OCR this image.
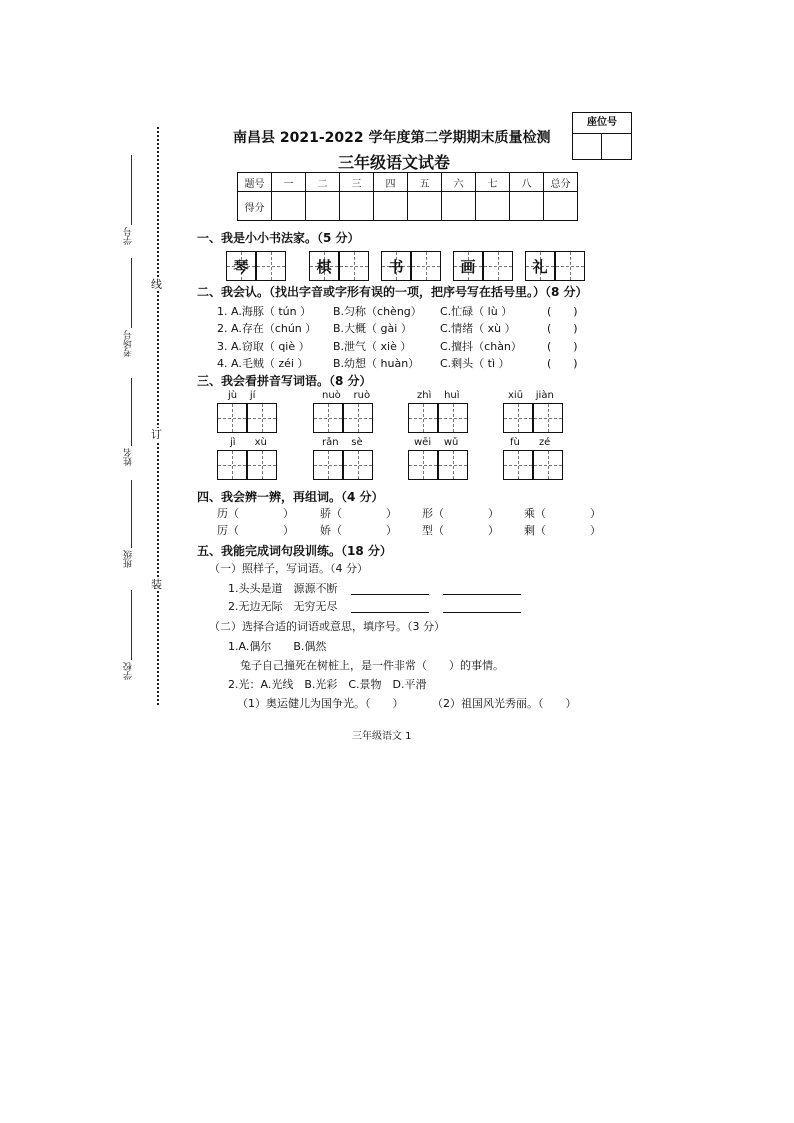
学号
考场号
姓名
班级
学校
线
订
装
南昌县 2021-2022 学年度第二学期期末质量检测
三年级语文试卷
座位号
题号	一	二	三	四	五	六	七	八	总分
得分									
一、我是小小书法家。（5 分）
琴	棋	书	画	礼
二、我会认。（找出字音或字形有误的一项，把序号写在括号里。）（8 分）
1. A.海豚（ tún ） B.匀称（chèng） C.忙碌（ lù ）	(　　)
2. A.存在（chún ） B.大概（ gài ）	C.情绪（ xù ）	(　　)
3. A.窃取（ qiè ） B.泄气（ xiè ）	C.擅抖（chàn） (　　)
4. A.毛贼（ zéi ） B.幼想（ huàn） C.剩头（ tì ）	(　　)
三、我会看拼音写词语。（8 分）
jù jí	nuò ruò	zhì huì	xiū jiàn
jì xù	rǎn sè	wēi wǔ	fù zé
四、我会辨一辨，再组词。（4 分）
历（　　　　） 骄（　　　　） 形（　　　　） 乘（　　　　）
厉（　　　　） 娇（　　　　） 型（　　　　） 剩（　　　　）
五、我能完成词句段训练。（18 分）
（一）照样子，写词语。（4 分）
1.头头是道　源源不断
2.无边无际　无穷无尽
（二）选择合适的词语或意思，填序号。（3 分）
1.A.偶尔　　B.偶然
兔子自己撞死在树桩上，是一件非常（　　）的事情。
2.光：A.光线　B.光彩　C.景物　D.平滑
（1）奥运健儿为国争光。（　　）	（2）祖国风光秀丽。（　　）
三年级语文 1
